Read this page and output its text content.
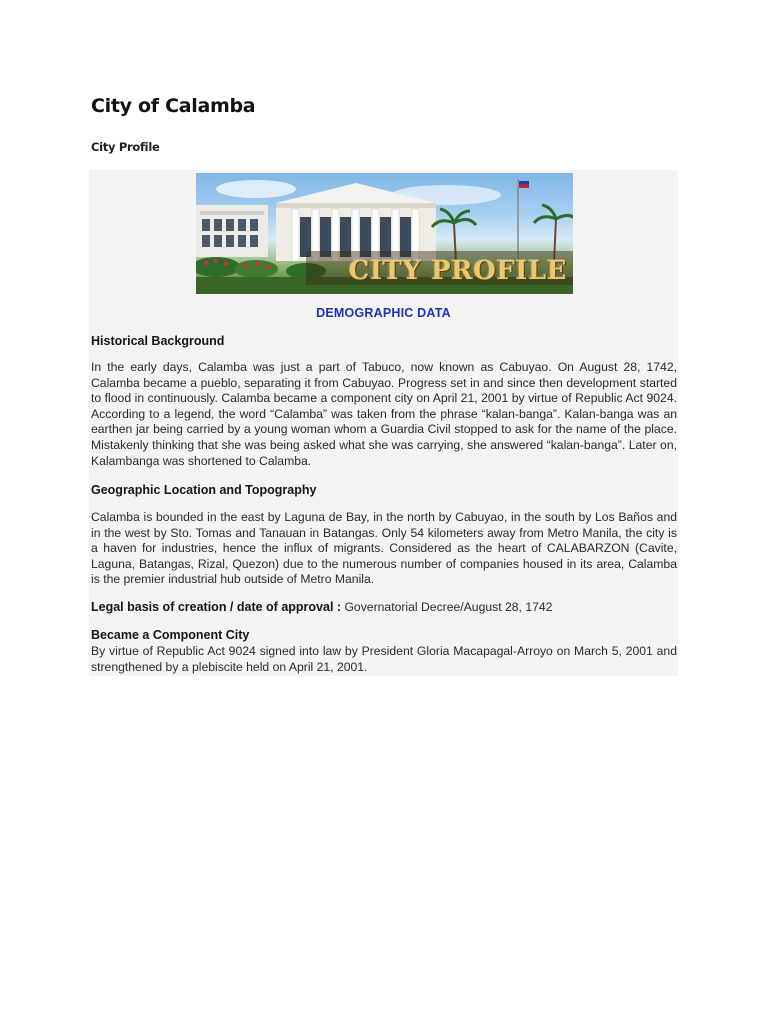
City of Calamba

City Profile

CITY PROFILE
DEMOGRAPHIC DATA
Historical Background

In the early days, Calamba was just a part of Tabuco, now known as Cabuyao. On August 28, 1742, Calamba became a pueblo, separating it from Cabuyao. Progress set in and since then development started to flood in continuously. Calamba became a component city on April 21, 2001 by virtue of Republic Act 9024. According to a legend, the word “Calamba” was taken from the phrase “kalan-banga”. Kalan-banga was an earthen jar being carried by a young woman whom a Guardia Civil stopped to ask for the name of the place. Mistakenly thinking that she was being asked what she was carrying, she answered “kalan-banga”. Later on, Kalambanga was shortened to Calamba.

Geographic Location and Topography

Calamba is bounded in the east by Laguna de Bay, in the north by Cabuyao, in the south by Los Baños and in the west by Sto. Tomas and Tanauan in Batangas. Only 54 kilometers away from Metro Manila, the city is a haven for industries, hence the influx of migrants. Considered as the heart of CALABARZON (Cavite, Laguna, Batangas, Rizal, Quezon) due to the numerous number of companies housed in its area, Calamba is the premier industrial hub outside of Metro Manila.

Legal basis of creation / date of approval : Governatorial Decree/August 28, 1742

Became a Component City

By virtue of Republic Act 9024 signed into law by President Gloria Macapagal-Arroyo on March 5, 2001 and strengthened by a plebiscite held on April 21, 2001.
